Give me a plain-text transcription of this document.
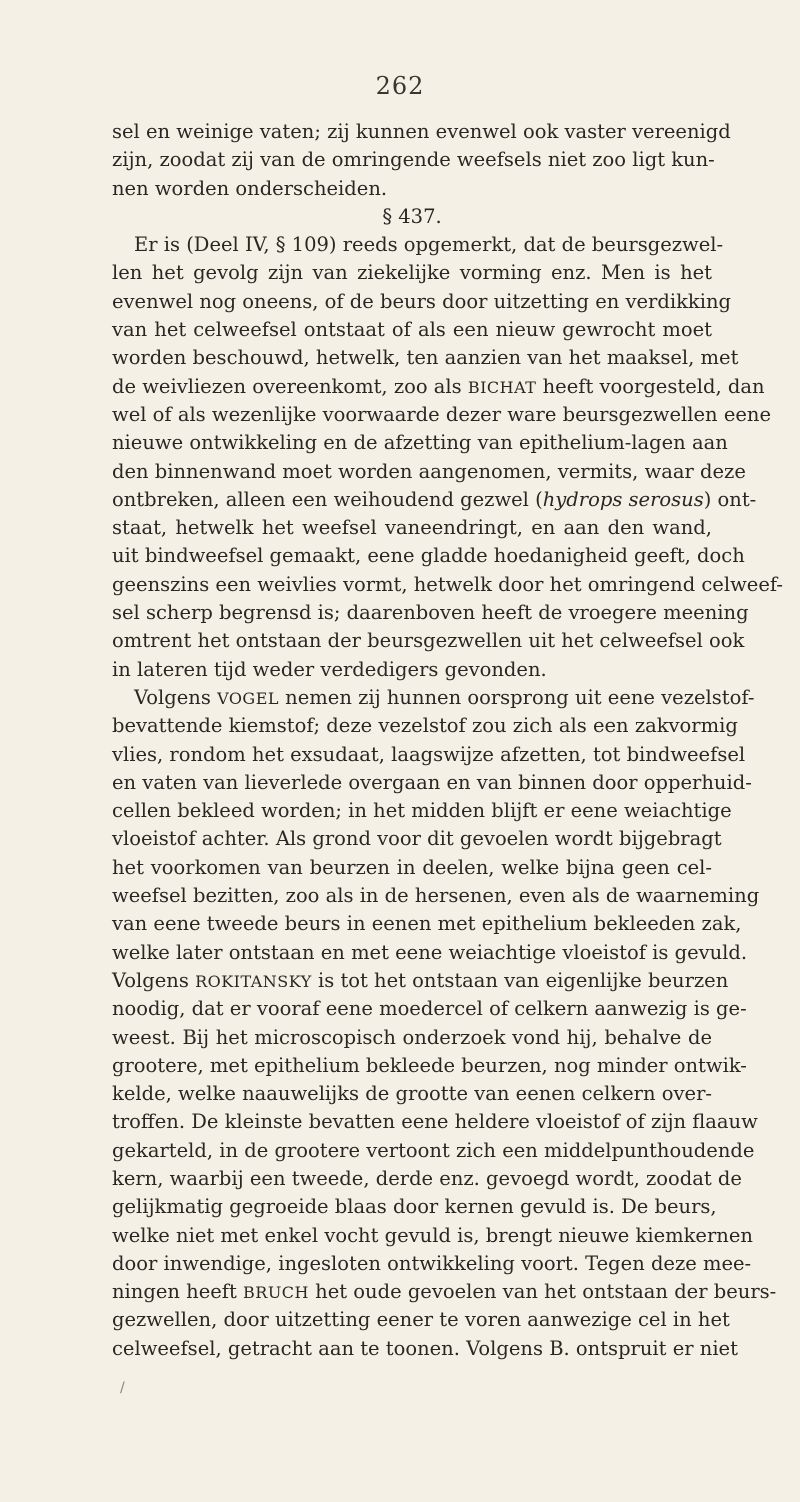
262
sel en weinige vaten; zij kunnen evenwel ook vaster vereenigd
zijn, zoodat zij van de omringende weefsels niet zoo ligt kun-
nen worden onderscheiden.
§ 437.
Er is (Deel IV, § 109) reeds opgemerkt, dat de beursgezwel-
len het gevolg zijn van ziekelijke vorming enz. Men is het
evenwel nog oneens, of de beurs door uitzetting en verdikking
van het celweefsel ontstaat of als een nieuw gewrocht moet
worden beschouwd, hetwelk, ten aanzien van het maaksel, met
de weivliezen overeenkomt, zoo als BICHAT heeft voorgesteld, dan
wel of als wezenlijke voorwaarde dezer ware beursgezwellen eene
nieuwe ontwikkeling en de afzetting van epithelium-lagen aan
den binnenwand moet worden aangenomen, vermits, waar deze
ontbreken, alleen een weihoudend gezwel (hydrops serosus) ont-
staat, hetwelk het weefsel vaneendringt, en aan den wand,
uit bindweefsel gemaakt, eene gladde hoedanigheid geeft, doch
geenszins een weivlies vormt, hetwelk door het omringend celweef-
sel scherp begrensd is; daarenboven heeft de vroegere meening
omtrent het ontstaan der beursgezwellen uit het celweefsel ook
in lateren tijd weder verdedigers gevonden.
Volgens VOGEL nemen zij hunnen oorsprong uit eene vezelstof-
bevattende kiemstof; deze vezelstof zou zich als een zakvormig
vlies, rondom het exsudaat, laagswijze afzetten, tot bindweefsel
en vaten van lieverlede overgaan en van binnen door opperhuid-
cellen bekleed worden; in het midden blijft er eene weiachtige
vloeistof achter. Als grond voor dit gevoelen wordt bijgebragt
het voorkomen van beurzen in deelen, welke bijna geen cel-
weefsel bezitten, zoo als in de hersenen, even als de waarneming
van eene tweede beurs in eenen met epithelium bekleeden zak,
welke later ontstaan en met eene weiachtige vloeistof is gevuld.
Volgens ROKITANSKY is tot het ontstaan van eigenlijke beurzen
noodig, dat er vooraf eene moedercel of celkern aanwezig is ge-
weest. Bij het microscopisch onderzoek vond hij, behalve de
grootere, met epithelium bekleede beurzen, nog minder ontwik-
kelde, welke naauwelijks de grootte van eenen celkern over-
troffen. De kleinste bevatten eene heldere vloeistof of zijn flaauw
gekarteld, in de grootere vertoont zich een middelpunthoudende
kern, waarbij een tweede, derde enz. gevoegd wordt, zoodat de
gelijkmatig gegroeide blaas door kernen gevuld is. De beurs,
welke niet met enkel vocht gevuld is, brengt nieuwe kiemkernen
door inwendige, ingesloten ontwikkeling voort. Tegen deze mee-
ningen heeft BRUCH het oude gevoelen van het ontstaan der beurs-
gezwellen, door uitzetting eener te voren aanwezige cel in het
celweefsel, getracht aan te toonen. Volgens B. ontspruit er niet
/
